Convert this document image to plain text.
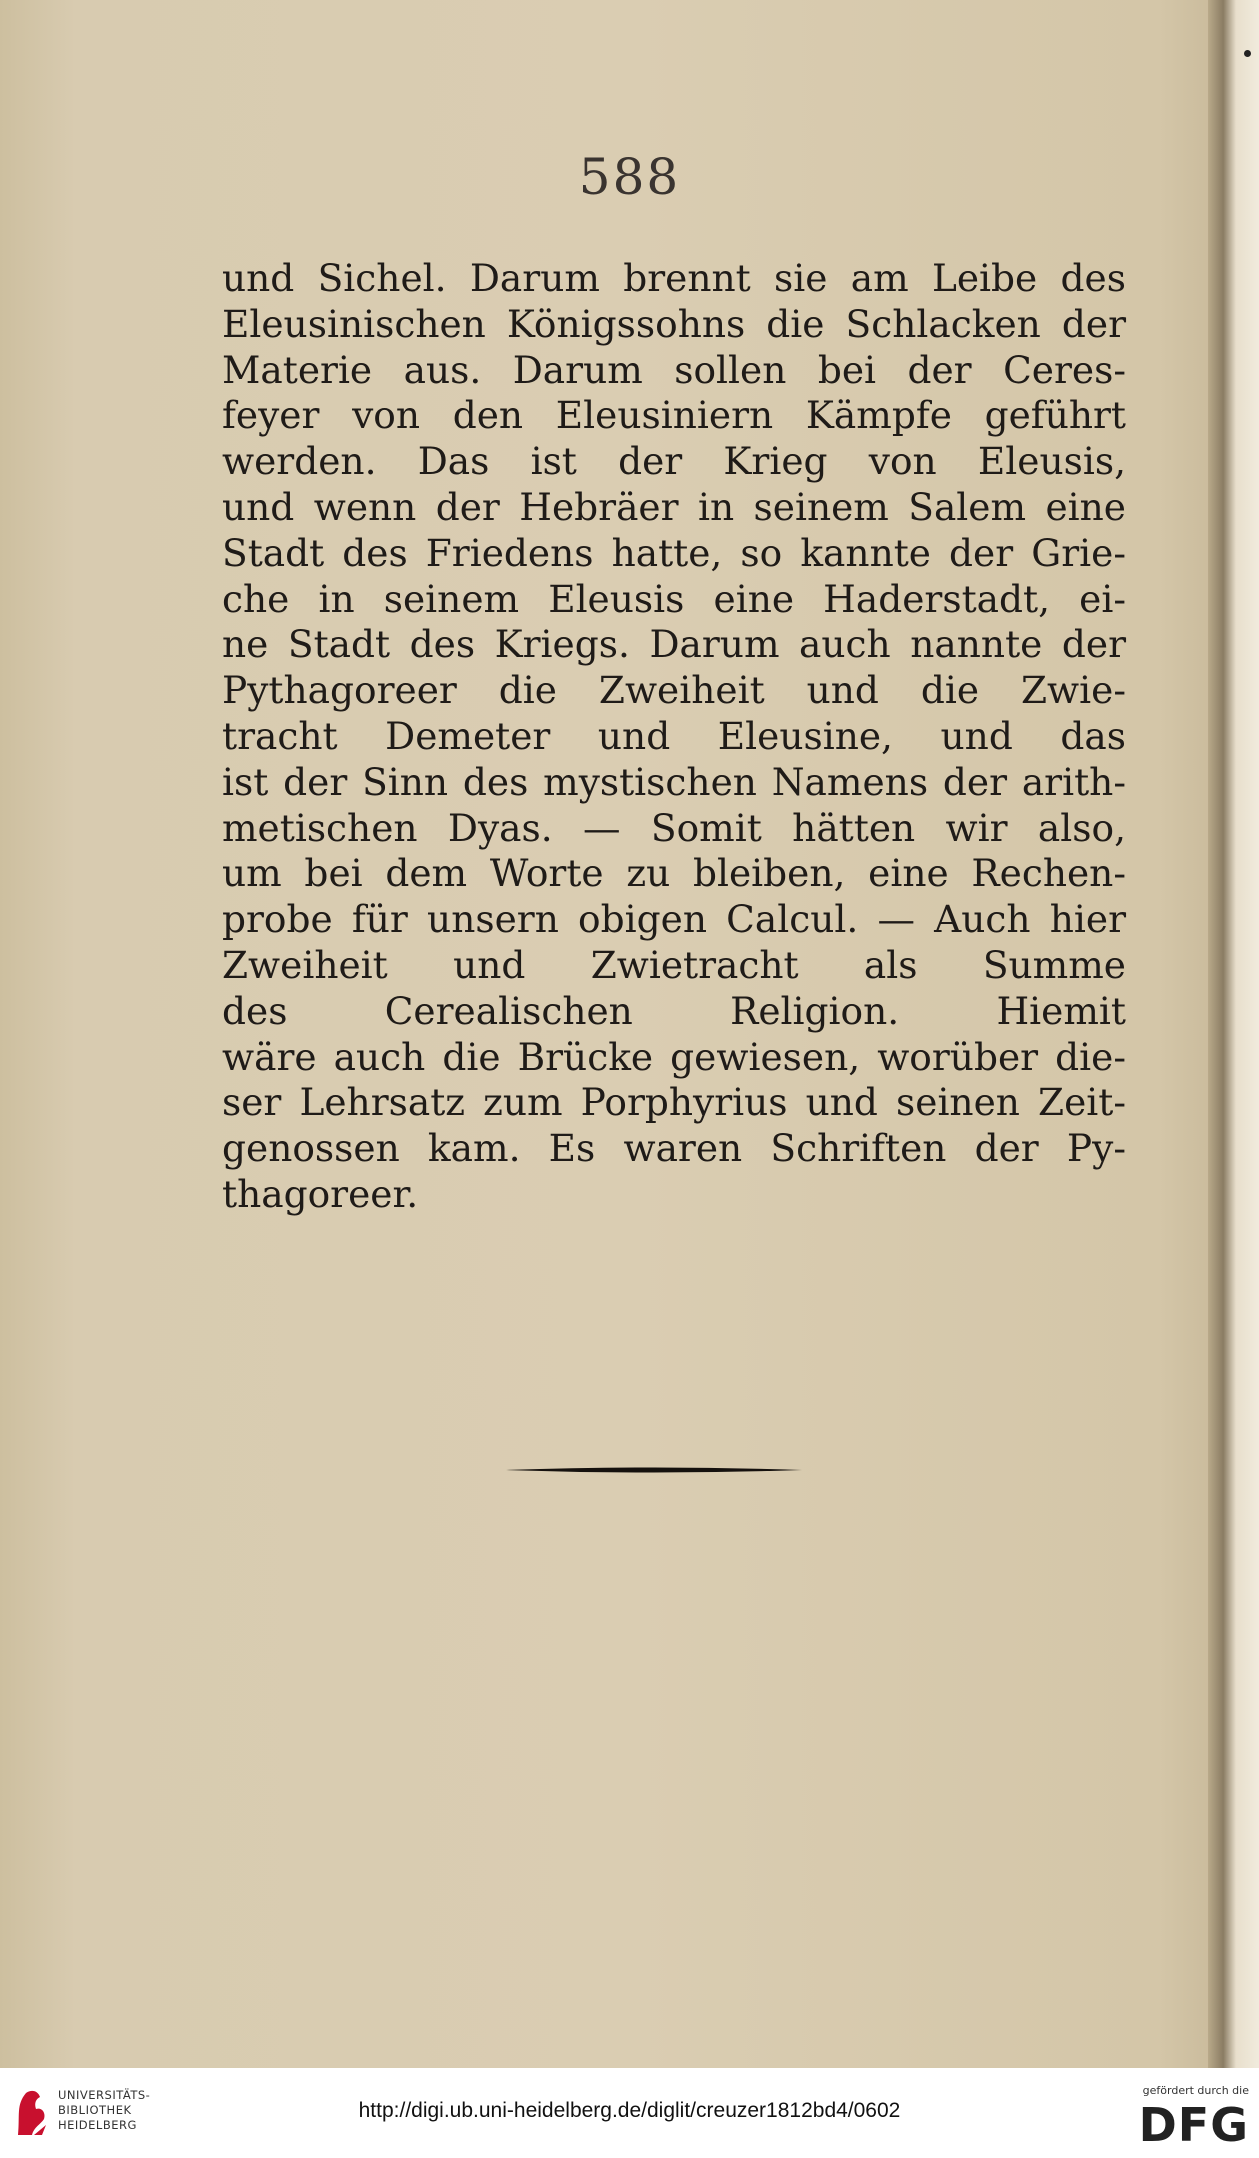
588
und Sichel. Darum brennt sie am Leibe des
Eleusinischen Königssohns die Schlacken der
Materie aus. Darum sollen bei der Ceres-
feyer von den Eleusiniern Kämpfe geführt
werden. Das ist der Krieg von Eleusis,
und wenn der Hebräer in seinem Salem eine
Stadt des Friedens hatte, so kannte der Grie-
che in seinem Eleusis eine Haderstadt, ei-
ne Stadt des Kriegs. Darum auch nannte der
Pythagoreer die Zweiheit und die Zwie-
tracht Demeter und Eleusine, und das
ist der Sinn des mystischen Namens der arith-
metischen Dyas. — Somit hätten wir also,
um bei dem Worte zu bleiben, eine Rechen-
probe für unsern obigen Calcul. — Auch hier
Zweiheit und Zwietracht als Summe
des Cerealischen Religion. Hiemit
wäre auch die Brücke gewiesen, worüber die-
ser Lehrsatz zum Porphyrius und seinen Zeit-
genossen kam. Es waren Schriften der Py-
thagoreer.
UNIVERSITÄTS-
BIBLIOTHEK
HEIDELBERG
http://digi.ub.uni-heidelberg.de/diglit/creuzer1812bd4/0602
gefördert durch die
DFG
